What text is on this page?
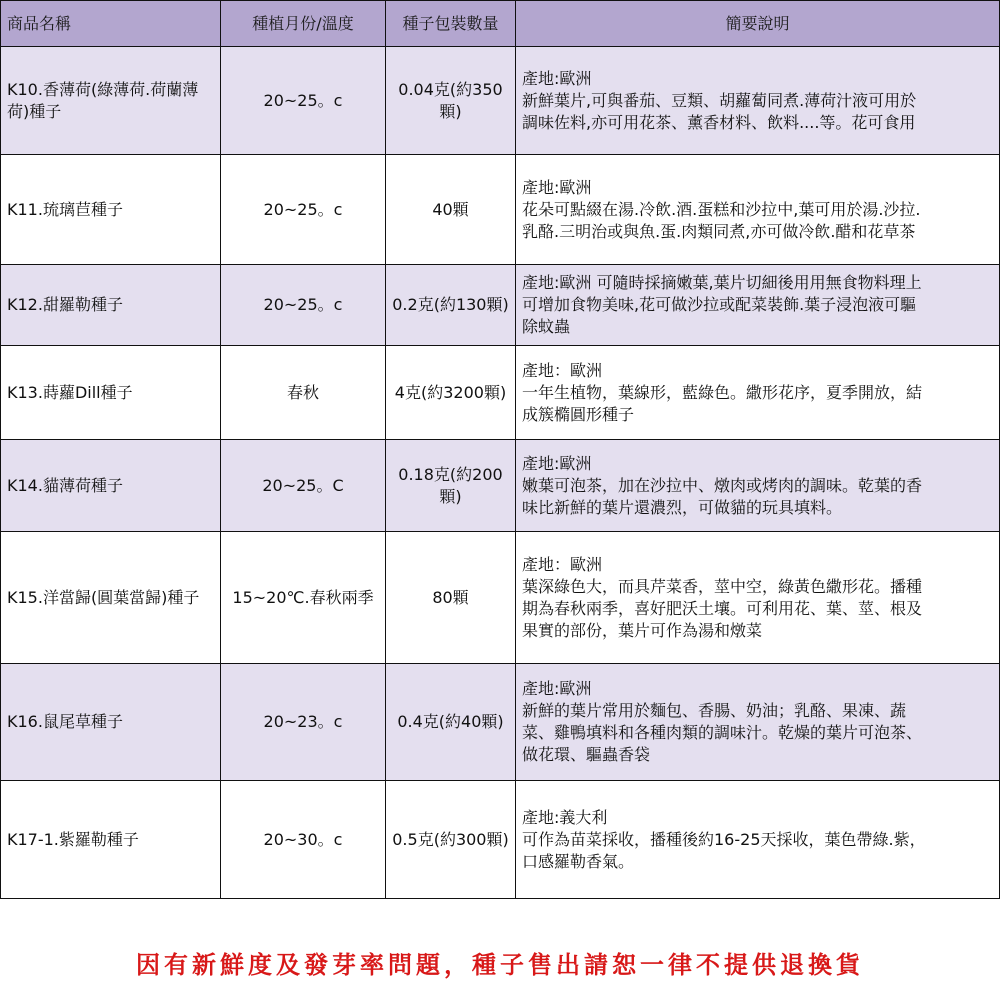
商品名稱	種植月份/溫度	種子包裝數量	簡要說明
K10.香薄荷(綠薄荷.荷蘭薄荷)種子	20~25。c	0.04克(約350顆)	產地:歐洲
新鮮葉片,可與番茄、豆類、胡蘿蔔同煮.薄荷汁液可用於
調味佐料,亦可用花茶、薰香材料、飲料....等。花可食用

K11.琉璃苣種子	20~25。c	40顆	產地:歐洲
花朵可點綴在湯.冷飲.酒.蛋糕和沙拉中,葉可用於湯.沙拉.
乳酪.三明治或與魚.蛋.肉類同煮,亦可做冷飲.醋和花草茶

K12.甜羅勒種子	20~25。c	0.2克(約130顆)	產地:歐洲 可隨時採摘嫩葉,葉片切細後用用無食物料理上
可增加食物美味,花可做沙拉或配菜裝飾.葉子浸泡液可驅
除蚊蟲

K13.蒔蘿Dill種子	春秋	4克(約3200顆)	產地：歐洲
一年生植物，葉線形，藍綠色。繖形花序，夏季開放，結
成簇橢圓形種子

K14.貓薄荷種子	20~25。C	0.18克(約200顆)	產地:歐洲
嫩葉可泡茶，加在沙拉中、燉肉或烤肉的調味。乾葉的香
味比新鮮的葉片還濃烈，可做貓的玩具填料。

K15.洋當歸(圓葉當歸)種子	15~20℃.春秋兩季	80顆	產地：歐洲
葉深綠色大，而具芹菜香，莖中空，綠黃色繖形花。播種
期為春秋兩季，喜好肥沃土壤。可利用花、葉、莖、根及
果實的部份，葉片可作為湯和燉菜

K16.鼠尾草種子	20~23。c	0.4克(約40顆)	產地:歐洲
新鮮的葉片常用於麵包、香腸、奶油；乳酪、果凍、蔬
菜、雞鴨填料和各種肉類的調味汁。乾燥的葉片可泡茶、
做花環、驅蟲香袋

K17-1.紫羅勒種子	20~30。c	0.5克(約300顆)	產地:義大利
可作為苗菜採收，播種後約16-25天採收，葉色帶綠.紫，
口感羅勒香氣。
因有新鮮度及發芽率問題，種子售出請恕一律不提供退換貨
